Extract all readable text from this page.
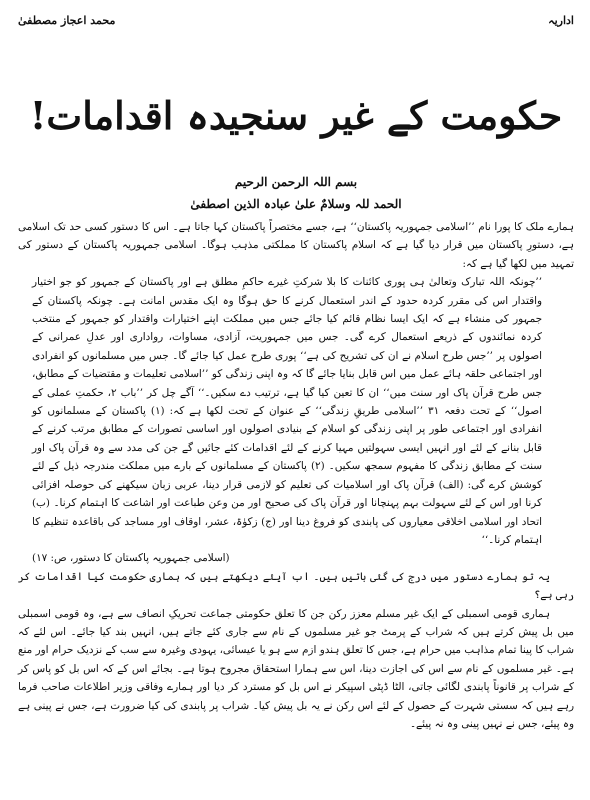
اداریہ
محمد اعجاز مصطفیٰ
حکومت کے غیر سنجیدہ اقدامات!
بسم اللہ الرحمن الرحیم
الحمد للہ وسلامٌ علیٰ عبادہ الذین اصطفیٰ

ہمارے ملک کا پورا نام ’’اسلامی جمہوریہ پاکستان‘‘ ہے، جسے مختصراً پاکستان کہا جاتا ہے۔ اس کا دستور کسی حد تک اسلامی ہے، دستورِ پاکستان میں قرار دیا گیا ہے کہ اسلام پاکستان کا مملکتی مذہب ہوگا۔ اسلامی جمہوریہ پاکستان کے دستور کی تمہید میں لکھا گیا ہے کہ:

’’چونکہ اللہ تبارک وتعالیٰ ہی پوری کائنات کا بلا شرکتِ غیرے حاکمِ مطلق ہے اور پاکستان کے جمہور کو جو اختیار واقتدار اس کی مقرر کردہ حدود کے اندر استعمال کرنے کا حق ہوگا وہ ایک مقدس امانت ہے۔ چونکہ پاکستان کے جمہور کی منشاء ہے کہ ایک ایسا نظام قائم کیا جائے جس میں مملکت اپنے اختیارات واقتدار کو جمہور کے منتخب کردہ نمائندوں کے ذریعے استعمال کرے گی۔ جس میں جمہوریت، آزادی، مساوات، رواداری اور عدلِ عمرانی کے اصولوں پر ’’جس طرح اسلام نے ان کی تشریح کی ہے‘‘ پوری طرح عمل کیا جائے گا۔ جس میں مسلمانوں کو انفرادی اور اجتماعی حلقہ ہائے عمل میں اس قابل بنایا جائے گا کہ وہ اپنی زندگی کو ’’اسلامی تعلیمات و مقتضیات کے مطابق، جس طرح قرآن پاک اور سنت میں‘‘ ان کا تعین کیا گیا ہے، ترتیب دے سکیں۔‘‘ آگے چل کر ’’باب ۲، حکمتِ عملی کے اصول‘‘ کے تحت دفعہ ۳۱ ’’اسلامی طریقِ زندگی‘‘ کے عنوان کے تحت لکھا ہے کہ: (۱) پاکستان کے مسلمانوں کو انفرادی اور اجتماعی طور پر اپنی زندگی کو اسلام کے بنیادی اصولوں اور اساسی تصورات کے مطابق مرتب کرنے کے قابل بنانے کے لئے اور انہیں ایسی سہولتیں مہیا کرنے کے لئے اقدامات کئے جائیں گے جن کی مدد سے وہ قرآن پاک اور سنت کے مطابق زندگی کا مفہوم سمجھ سکیں۔ (۲) پاکستان کے مسلمانوں کے بارے میں مملکت مندرجہ ذیل کے لئے کوشش کرے گی: (الف) قرآن پاک اور اسلامیات کی تعلیم کو لازمی قرار دینا، عربی زبان سیکھنے کی حوصلہ افزائی کرنا اور اس کے لئے سہولت بہم پہنچانا اور قرآن پاک کی صحیح اور من وعن طباعت اور اشاعت کا اہتمام کرنا۔ (ب) اتحاد اور اسلامی اخلاقی معیاروں کی پابندی کو فروغ دینا اور (ج) زکوٰۃ، عشر، اوقاف اور مساجد کی باقاعدہ تنظیم کا اہتمام کرنا۔‘‘

(اسلامی جمہوریہ پاکستان کا دستور، ص: ۱۷)

یہ تو ہمارے دستور میں درج کی گئی باتیں ہیں۔ اب آیئے دیکھتے ہیں کہ ہماری حکومت کیا اقدامات کر رہی ہے؟

ہماری قومی اسمبلی کے ایک غیر مسلم معزز رکن جن کا تعلق حکومتی جماعت تحریکِ انصاف سے ہے، وہ قومی اسمبلی میں بل پیش کرتے ہیں کہ شراب کے پرمٹ جو غیر مسلموں کے نام سے جاری کئے جاتے ہیں، انہیں بند کیا جائے۔ اس لئے کہ شراب کا پینا تمام مذاہب میں حرام ہے، جس کا تعلق ہندو ازم سے ہو یا عیسائی، یہودی وغیرہ سے سب کے نزدیک حرام اور منع ہے۔ غیر مسلموں کے نام سے اس کی اجازت دینا، اس سے ہمارا استحقاق مجروح ہوتا ہے۔ بجائے اس کے کہ اس بل کو پاس کر کے شراب پر قانوناً پابندی لگائی جاتی، الٹا ڈپٹی اسپیکر نے اس بل کو مسترد کر دیا اور ہمارے وفاقی وزیر اطلاعات صاحب فرما رہے ہیں کہ سستی شہرت کے حصول کے لئے اس رکن نے یہ بل پیش کیا۔ شراب پر پابندی کی کیا ضرورت ہے، جس نے پینی ہے وہ پیئے، جس نے نہیں پینی وہ نہ پیئے۔
